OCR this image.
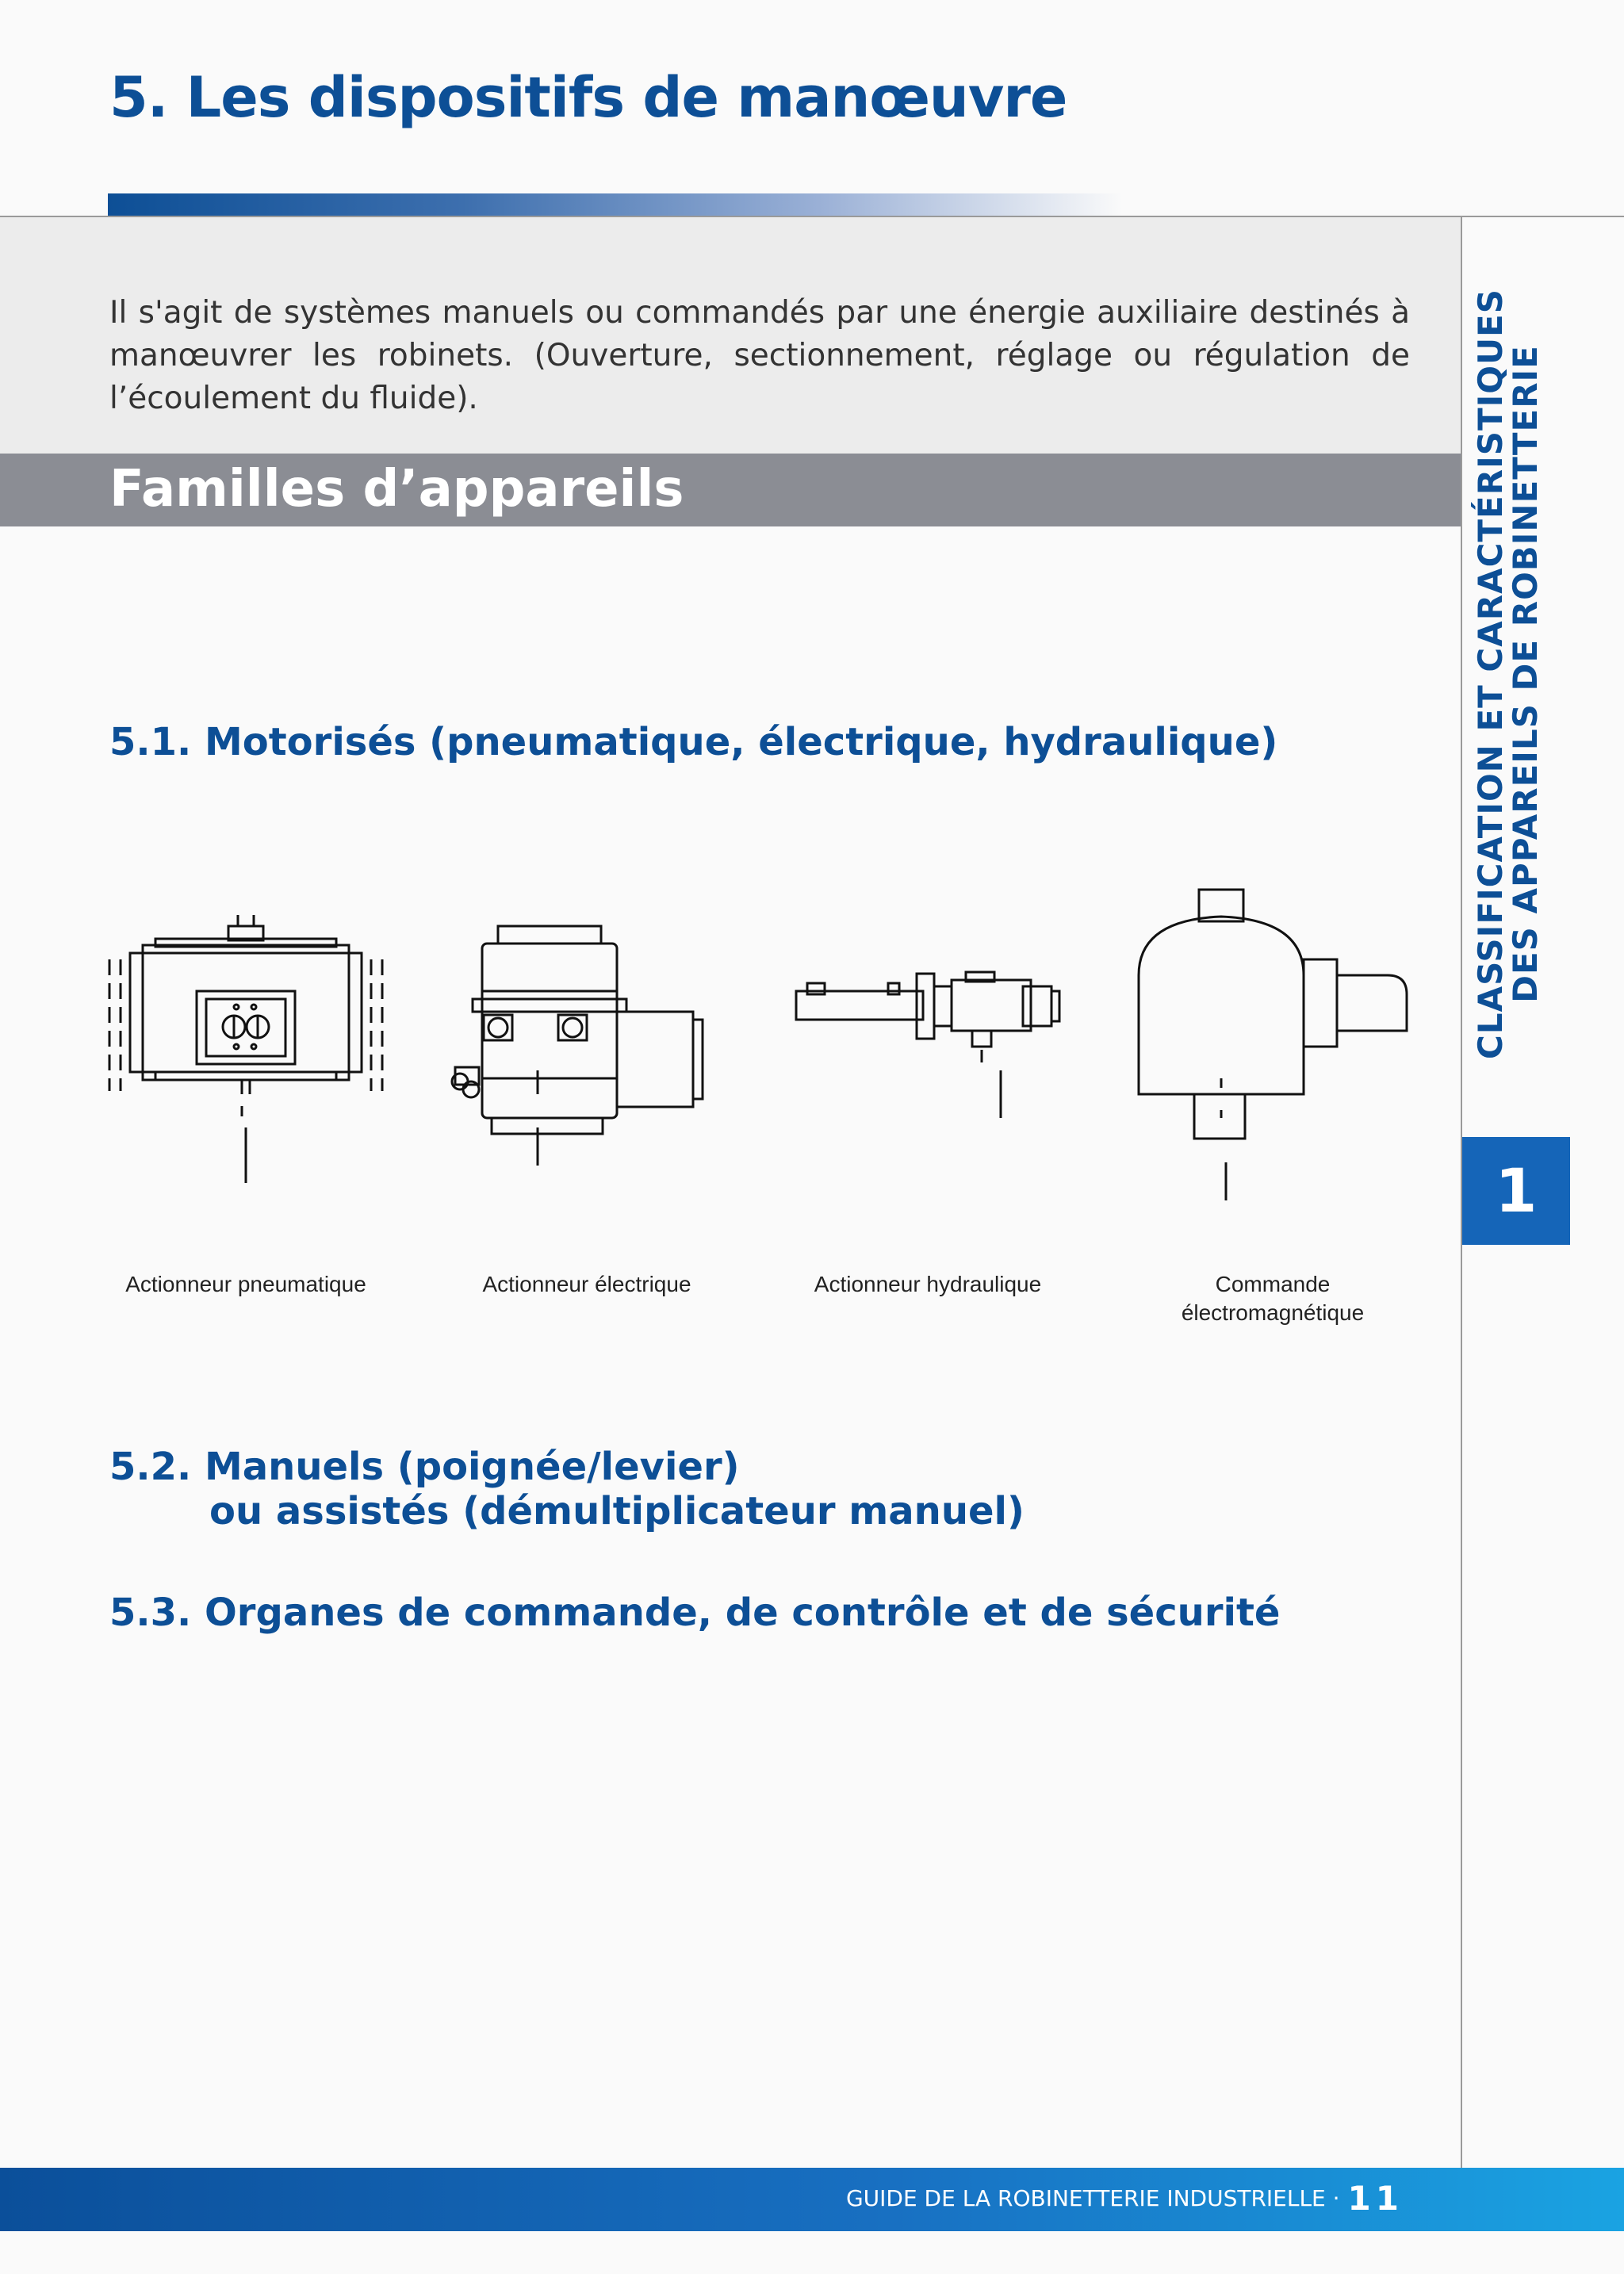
5. Les dispositifs de manœuvre

Il s'agit de systèmes manuels ou commandés par une énergie auxiliaire destinés à manœuvrer les robinets. (Ouverture, sectionnement, réglage ou régulation de l’écoulement du fluide).

Familles d’appareils
5.1. Motorisés (pneumatique, électrique, hydraulique)

Actionneur pneumatique	Actionneur électrique	Actionneur hydraulique	Commande
électromagnétique

5.2. Manuels (poignée/levier)
ou assistés (démultiplicateur manuel)
5.3. Organes de commande, de contrôle et de sécurité
CLASSIFICATION ET CARACTÉRISTIQUES
DES APPAREILS DE ROBINETTERIE
1
GUIDE DE LA ROBINETTERIE INDUSTRIELLE · 11
